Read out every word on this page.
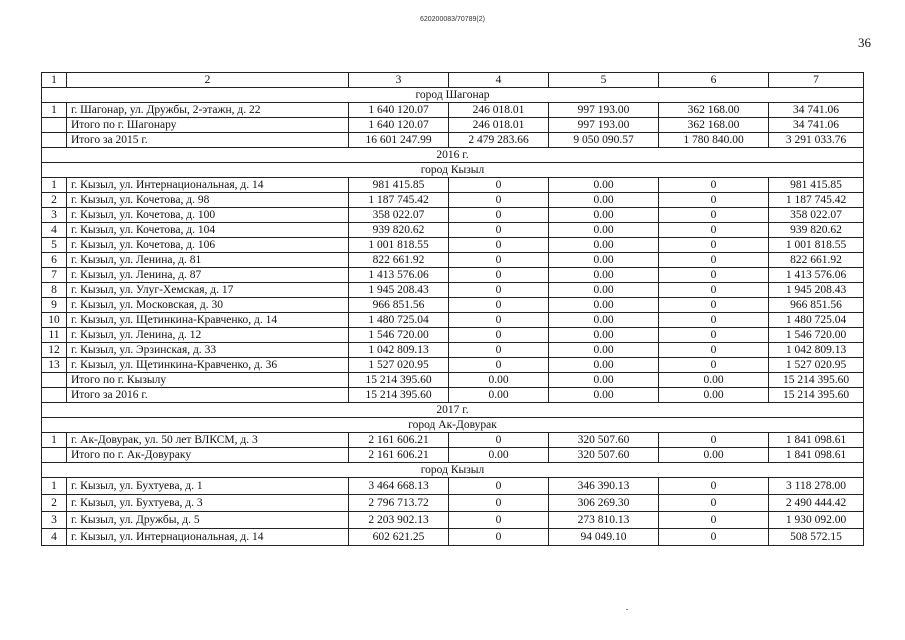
620200083/70789(2)
36
1	2	3	4	5	6	7
город Шагонар						
1	г. Шагонар, ул. Дружбы, 2-этажн, д. 22	1 640 120.07	246 018.01	997 193.00	362 168.00	34 741.06
	Итого по г. Шагонару	1 640 120.07	246 018.01	997 193.00	362 168.00	34 741.06
	Итого за 2015 г.	16 601 247.99	2 479 283.66	9 050 090.57	1 780 840.00	3 291 033.76
2016 г.						
город Кызыл						
1	г. Кызыл, ул. Интернациональная, д. 14	981 415.85	0	0.00	0	981 415.85
2	г. Кызыл, ул. Кочетова, д. 98	1 187 745.42	0	0.00	0	1 187 745.42
3	г. Кызыл, ул. Кочетова, д. 100	358 022.07	0	0.00	0	358 022.07
4	г. Кызыл, ул. Кочетова, д. 104	939 820.62	0	0.00	0	939 820.62
5	г. Кызыл, ул. Кочетова, д. 106	1 001 818.55	0	0.00	0	1 001 818.55
6	г. Кызыл, ул. Ленина, д. 81	822 661.92	0	0.00	0	822 661.92
7	г. Кызыл, ул. Ленина, д. 87	1 413 576.06	0	0.00	0	1 413 576.06
8	г. Кызыл, ул. Улуг-Хемская, д. 17	1 945 208.43	0	0.00	0	1 945 208.43
9	г. Кызыл, ул. Московская, д. 30	966 851.56	0	0.00	0	966 851.56
10	г. Кызыл, ул. Щетинкина-Кравченко, д. 14	1 480 725.04	0	0.00	0	1 480 725.04
11	г. Кызыл, ул. Ленина, д. 12	1 546 720.00	0	0.00	0	1 546 720.00
12	г. Кызыл, ул. Эрзинская, д. 33	1 042 809.13	0	0.00	0	1 042 809.13
13	г. Кызыл, ул. Щетинкина-Кравченко, д. 36	1 527 020.95	0	0.00	0	1 527 020.95
	Итого по г. Кызылу	15 214 395.60	0.00	0.00	0.00	15 214 395.60
	Итого за 2016 г.	15 214 395.60	0.00	0.00	0.00	15 214 395.60
2017 г.						
город Ак-Довурак						
1	г. Ак-Довурак, ул. 50 лет ВЛКСМ, д. 3	2 161 606.21	0	320 507.60	0	1 841 098.61
	Итого по г. Ак-Довураку	2 161 606.21	0.00	320 507.60	0.00	1 841 098.61
город Кызыл						
1	г. Кызыл, ул. Бухтуева, д. 1	3 464 668.13	0	346 390.13	0	3 118 278.00
2	г. Кызыл, ул. Бухтуева, д. 3	2 796 713.72	0	306 269.30	0	2 490 444.42
3	г. Кызыл, ул. Дружбы, д. 5	2 203 902.13	0	273 810.13	0	1 930 092.00
4	г. Кызыл, ул. Интернациональная, д. 14	602 621.25	0	94 049.10	0	508 572.15
